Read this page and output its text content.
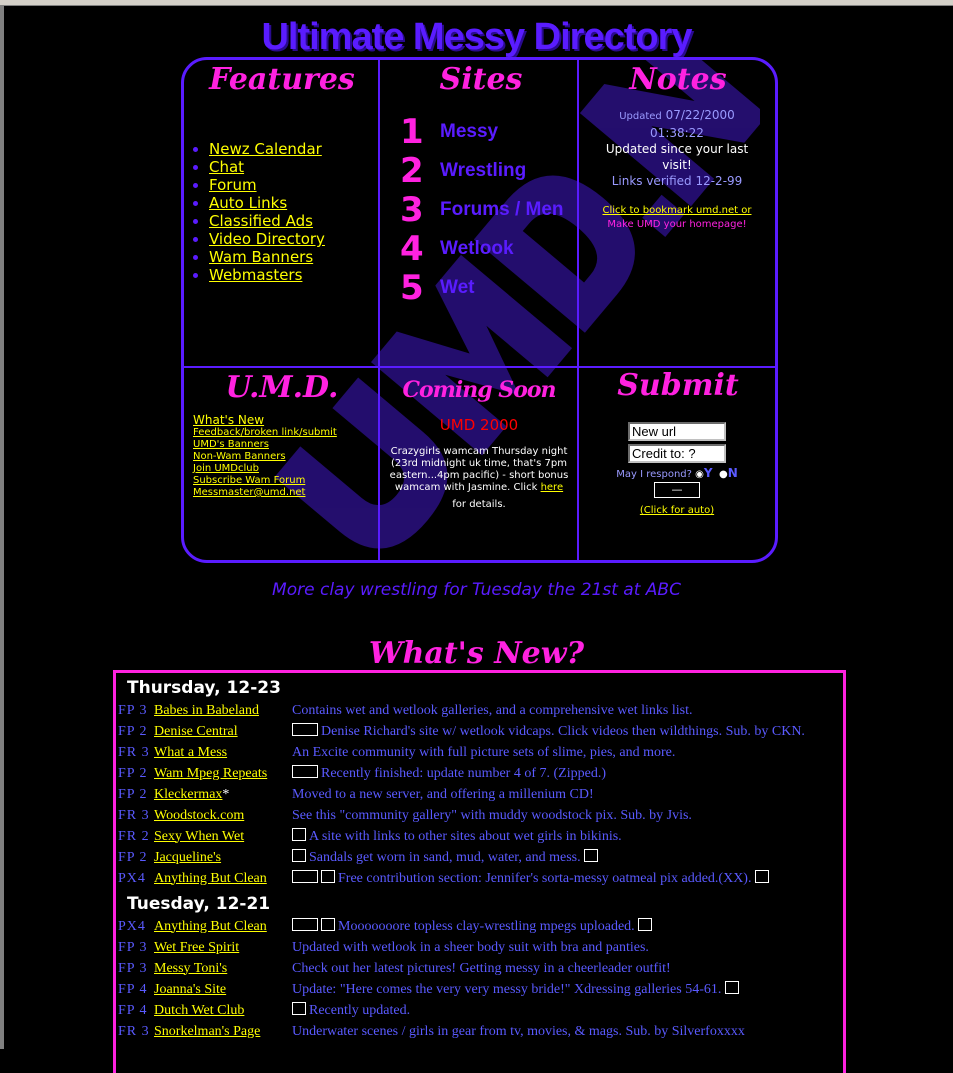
Ultimate Messy Directory
Features
• Newz Calendar
• Chat
• Forum
• Auto Links
• Classified Ads
• Video Directory
• Wam Banners
• Webmasters
Sites
1 Messy
2 Wrestling
3 Forums / Men
4 Wetlook
5 Wet
Notes
Updated 07/22/2000
01:38:22
Updated since your last visit!
Links verified 12-2-99
Click to bookmark umd.net or
Make UMD your homepage!
U.M.D.
What's New
Feedback/broken link/submit
UMD's Banners
Non-Wam Banners
Join UMDclub
Subscribe Wam Forum
Messmaster@umd.net
Coming Soon
UMD 2000
Crazygirls wamcam Thursday night (23rd midnight uk time, that's 7pm eastern...4pm pacific) - short bonus wamcam with Jasmine. Click here
for details.
Submit
New url
Credit to: ?
May I respond? ◉Y ●N
—
(Click for auto)
More clay wrestling for Tuesday the 21st at ABC
What's New?
Thursday, 12-23
FP 3 Babes in Babeland	Contains wet and wetlook galleries, and a comprehensive wet links list.
FP 2 Denise Central	Denise Richard's site w/ wetlook vidcaps. Click videos then wildthings. Sub. by CKN.
FR 3 What a Mess	An Excite community with full picture sets of slime, pies, and more.
FP 2 Wam Mpeg Repeats	Recently finished: update number 4 of 7. (Zipped.)
FP 2 Kleckermax*	Moved to a new server, and offering a millenium CD!
FR 3 Woodstock.com	See this "community gallery" with muddy woodstock pix. Sub. by Jvis.
FR 2 Sexy When Wet	A site with links to other sites about wet girls in bikinis.
FP 2 Jacqueline's	Sandals get worn in sand, mud, water, and mess.
PX4 Anything But Clean	Free contribution section: Jennifer's sorta-messy oatmeal pix added.(XX).
Tuesday, 12-21
PX4 Anything But Clean	Mooooooore topless clay-wrestling mpegs uploaded.
FP 3 Wet Free Spirit	Updated with wetlook in a sheer body suit with bra and panties.
FP 3 Messy Toni's	Check out her latest pictures! Getting messy in a cheerleader outfit!
FP 4 Joanna's Site	Update: "Here comes the very very messy bride!" Xdressing galleries 54-61.
FP 4 Dutch Wet Club	Recently updated.
FR 3 Snorkelman's Page	Underwater scenes / girls in gear from tv, movies, & mags. Sub. by Silverfoxxxx
